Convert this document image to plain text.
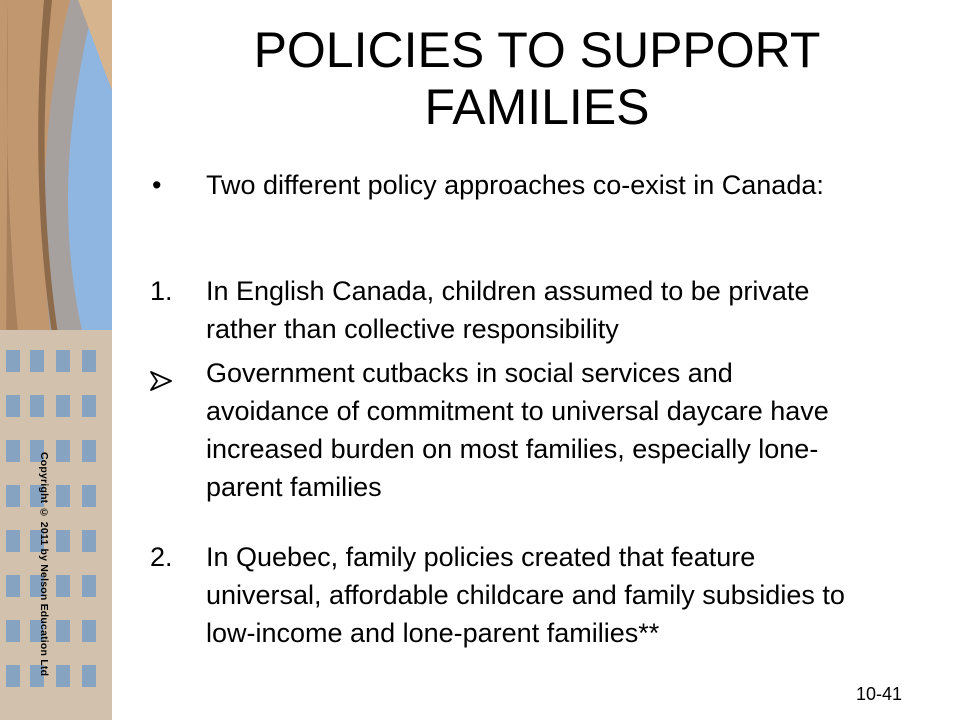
Copyright © 2011 by Nelson Education Ltd
POLICIES TO SUPPORT
FAMILIES
• Two different policy approaches co-exist in Canada:
1. In English Canada, children assumed to be private rather than collective responsibility
Government cutbacks in social services and avoidance of commitment to universal daycare have increased burden on most families, especially lone-parent families
2. In Quebec, family policies created that feature universal, affordable childcare and family subsidies to low-income and lone-parent families**
10-41
